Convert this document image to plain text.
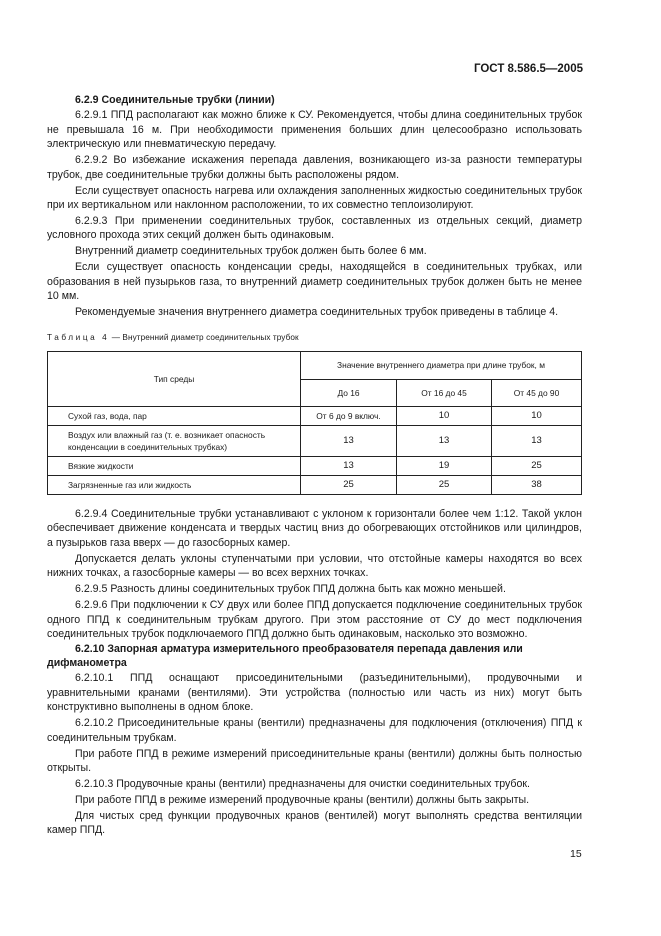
ГОСТ 8.586.5—2005

6.2.9 Соединительные трубки (линии)

6.2.9.1 ППД располагают как можно ближе к СУ. Рекомендуется, чтобы длина соединительных трубок не превышала 16 м. При необходимости применения больших длин целесообразно использовать электрическую или пневматическую передачу.

6.2.9.2 Во избежание искажения перепада давления, возникающего из-за разности температуры трубок, две соединительные трубки должны быть расположены рядом.

Если существует опасность нагрева или охлаждения заполненных жидкостью соединительных трубок при их вертикальном или наклонном расположении, то их совместно теплоизолируют.

6.2.9.3 При применении соединительных трубок, составленных из отдельных секций, диаметр условного прохода этих секций должен быть одинаковым.

Внутренний диаметр соединительных трубок должен быть более 6 мм.

Если существует опасность конденсации среды, находящейся в соединительных трубках, или образования в ней пузырьков газа, то внутренний диаметр соединительных трубок должен быть не менее 10 мм.

Рекомендуемые значения внутреннего диаметра соединительных трубок приведены в таблице 4.

Таблица 4 — Внутренний диаметр соединительных трубок
Тип среды	Значение внутреннего диаметра при длине трубок, м		
	До 16	От 16 до 45	От 45 до 90
Сухой газ, вода, пар	От 6 до 9 включ.	10	10
Воздух или влажный газ (т. е. возникает опасность конденсации в соединительных трубках)	13	13	13
Вязкие жидкости	13	19	25
Загрязненные газ или жидкость	25	25	38

6.2.9.4 Соединительные трубки устанавливают с уклоном к горизонтали более чем 1:12. Такой уклон обеспечивает движение конденсата и твердых частиц вниз до обогревающих отстойников или цилиндров, а пузырьков газа вверх — до газосборных камер.

Допускается делать уклоны ступенчатыми при условии, что отстойные камеры находятся во всех нижних точках, а газосборные камеры — во всех верхних точках.

6.2.9.5 Разность длины соединительных трубок ППД должна быть как можно меньшей.

6.2.9.6 При подключении к СУ двух или более ППД допускается подключение соединительных трубок одного ППД к соединительным трубкам другого. При этом расстояние от СУ до мест подключения соединительных трубок подключаемого ППД должно быть одинаковым, насколько это возможно.

6.2.10 Запорная арматура измерительного преобразователя перепада давления или дифманометра

6.2.10.1 ППД оснащают присоединительными (разъединительными), продувочными и уравнительными кранами (вентилями). Эти устройства (полностью или часть из них) могут быть конструктивно выполнены в одном блоке.

6.2.10.2 Присоединительные краны (вентили) предназначены для подключения (отключения) ППД к соединительным трубкам.

При работе ППД в режиме измерений присоединительные краны (вентили) должны быть полностью открыты.

6.2.10.3 Продувочные краны (вентили) предназначены для очистки соединительных трубок.

При работе ППД в режиме измерений продувочные краны (вентили) должны быть закрыты.

Для чистых сред функции продувочных кранов (вентилей) могут выполнять средства вентиляции камер ППД.

15
